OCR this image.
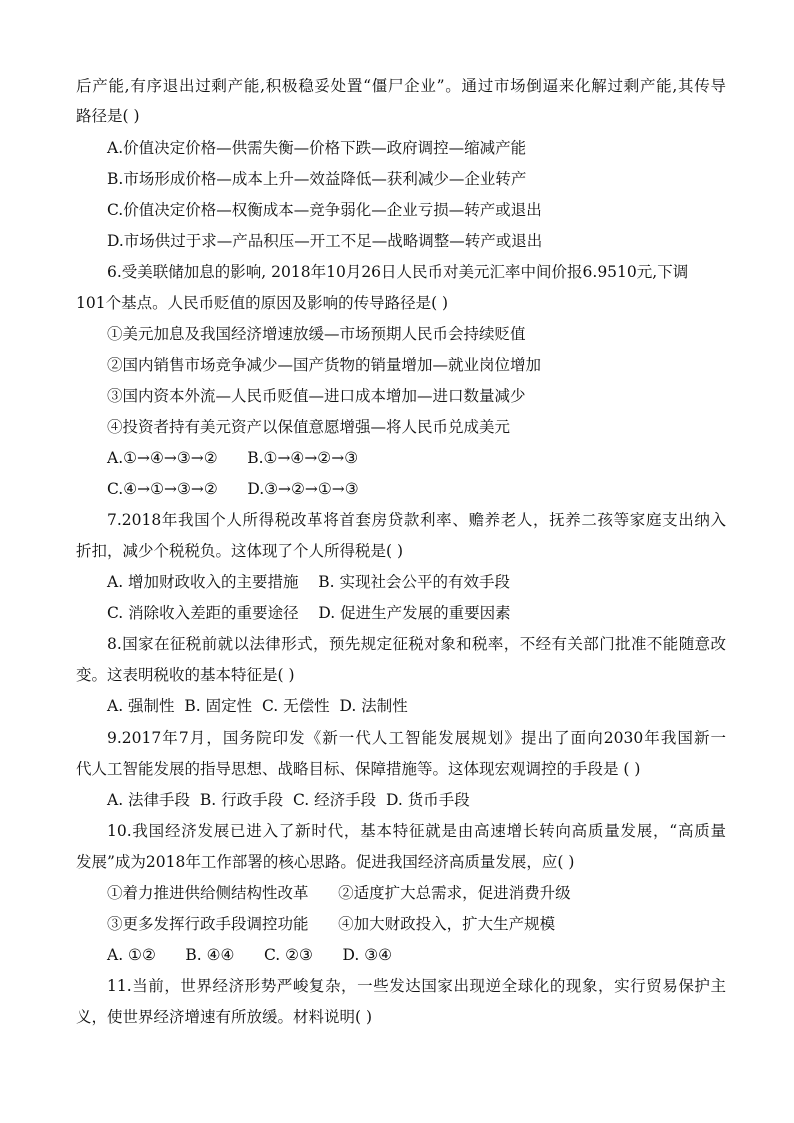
后产能,有序退出过剩产能,积极稳妥处置“僵尸企业”。通过市场倒逼来化解过剩产能,其传导
路径是( )
A.价值决定价格—供需失衡—价格下跌—政府调控—缩减产能
B.市场形成价格—成本上升—效益降低—获利减少—企业转产
C.价值决定价格—权衡成本—竞争弱化—企业亏损—转产或退出
D.市场供过于求—产品积压—开工不足—战略调整—转产或退出
6.受美联储加息的影响, 2018年10月26日人民币对美元汇率中间价报6.9510元,下调
101个基点。人民币贬值的原因及影响的传导路径是( )
①美元加息及我国经济增速放缓—市场预期人民币会持续贬值
②国内销售市场竞争减少—国产货物的销量增加—就业岗位增加
③国内资本外流—人民币贬值—进口成本增加—进口数量减少
④投资者持有美元资产以保值意愿增强—将人民币兑成美元
A.①→④→③→②      B.①→④→②→③
C.④→①→③→②      D.③→②→①→③
7.2018年我国个人所得税改革将首套房贷款利率、赡养老人，抚养二孩等家庭支出纳入
折扣，减少个税税负。这体现了个人所得税是( )
A. 增加财政收入的主要措施    B. 实现社会公平的有效手段
C. 消除收入差距的重要途径    D. 促进生产发展的重要因素
8.国家在征税前就以法律形式，预先规定征税对象和税率，不经有关部门批准不能随意改
变。这表明税收的基本特征是( )
A. 强制性  B. 固定性  C. 无偿性  D. 法制性
9.2017年7月，国务院印发《新一代人工智能发展规划》提出了面向2030年我国新一
代人工智能发展的指导思想、战略目标、保障措施等。这体现宏观调控的手段是 ( )
A. 法律手段  B. 行政手段  C. 经济手段  D. 货币手段
10.我国经济发展已进入了新时代，基本特征就是由高速增长转向高质量发展，“高质量
发展”成为2018年工作部署的核心思路。促进我国经济高质量发展，应( )
①着力推进供给侧结构性改革      ②适度扩大总需求，促进消费升级
③更多发挥行政手段调控功能      ④加大财政投入，扩大生产规模
A. ①②      B. ④④      C. ②③      D. ③④
11.当前，世界经济形势严峻复杂，一些发达国家出现逆全球化的现象，实行贸易保护主
义，使世界经济增速有所放缓。材料说明( )
